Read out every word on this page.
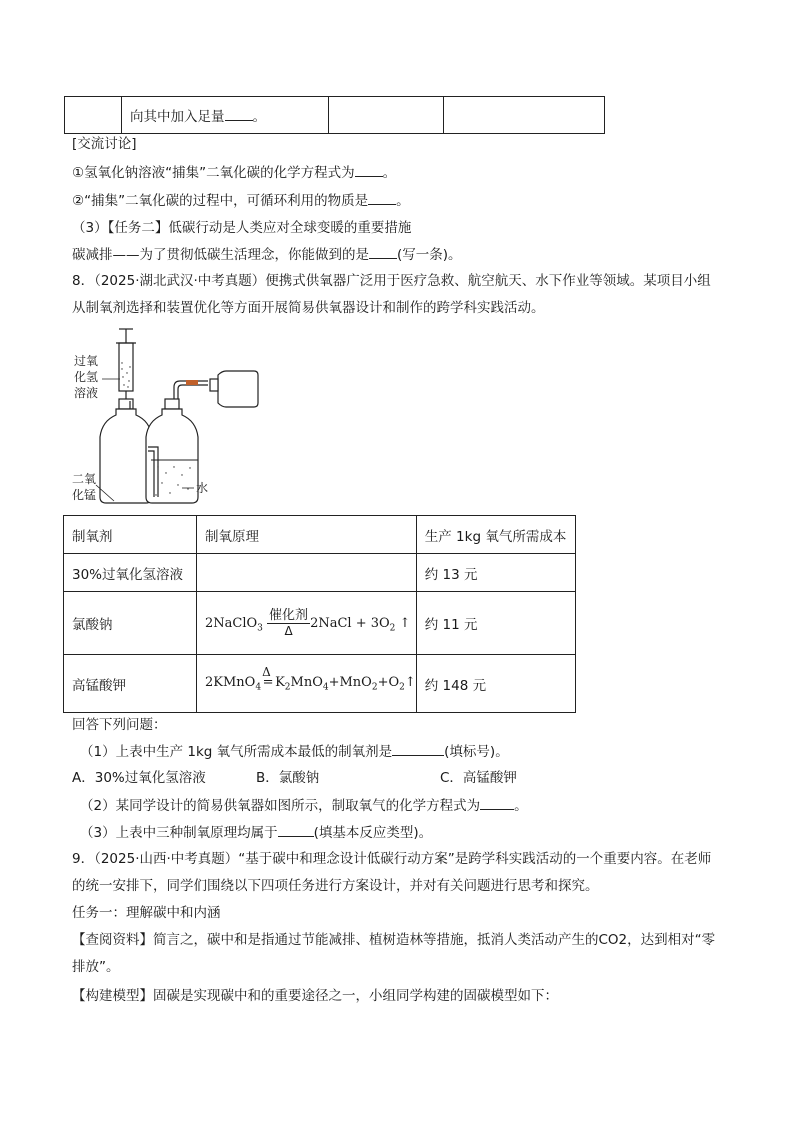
	向其中加入足量 。		
[交流讨论]
①氢氧化钠溶液“捕集”二氧化碳的化学方程式为 。
②“捕集”二氧化碳的过程中，可循环利用的物质是 。
（3）【任务二】低碳行动是人类应对全球变暖的重要措施
碳减排——为了贯彻低碳生活理念，你能做到的是 (写一条)。
8．（2025·湖北武汉·中考真题）便携式供氧器广泛用于医疗急救、航空航天、水下作业等领域。某项目小组
从制氧剂选择和装置优化等方面开展简易供氧器设计和制作的跨学科实践活动。
过氧
化氢
溶液
二氧
化锰	水
制氧剂	制氧原理	生产 1kg 氧气所需成本
30%过氧化氢溶液		约 13 元
氯酸钠	2NaClO$_3$
催化剂
Δ 2NaCl + $3O_2$ ↑	约 11 元
高锰酸钾	2KMnO$_4$
Δ
= $K_2MnO_4+MnO_2+O_2↑$	约 148 元
回答下列问题：
（1）上表中生产 1kg 氧气所需成本最低的制氧剂是	(填标号)。
A．30%过氧化氢溶液	B．氯酸钠	C．高锰酸钾
（2）某同学设计的简易供氧器如图所示，制取氧气的化学方程式为	。
（3）上表中三种制氧原理均属于	(填基本反应类型)。
9．（2025·山西·中考真题）“基于碳中和理念设计低碳行动方案”是跨学科实践活动的一个重要内容。在老师
的统一安排下，同学们围绕以下四项任务进行方案设计，并对有关问题进行思考和探究。
任务一：理解碳中和内涵
【查阅资料】简言之，碳中和是指通过节能减排、植树造林等措施，抵消人类活动产生的CO2，达到相对“零
排放”。
【构建模型】固碳是实现碳中和的重要途径之一，小组同学构建的固碳模型如下：
